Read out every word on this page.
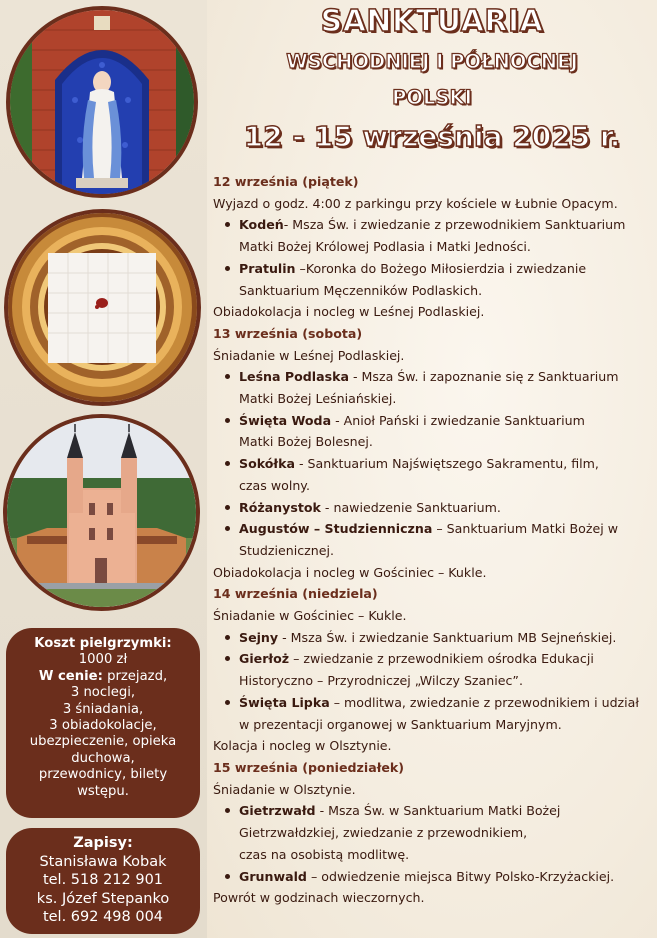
Koszt pielgrzymki:
1000 zł
W cenie: przejazd,
3 noclegi,
3 śniadania,
3 obiadokolacje,
ubezpieczenie, opieka
duchowa,
przewodnicy, bilety
wstępu.
Zapisy:
Stanisława Kobak
tel. 518 212 901
ks. Józef Stepanko
tel. 692 498 004
SANKTUARIA
WSCHODNIEJ I PÓŁNOCNEJ
POLSKI
12 - 15 września 2025 r.
12 września (piątek)
Wyjazd o godz. 4:00 z parkingu przy kościele w Łubnie Opacym.
Kodeń- Msza Św. i zwiedzanie z przewodnikiem Sanktuarium
Matki Bożej Królowej Podlasia i Matki Jedności.
Pratulin –Koronka do Bożego Miłosierdzia i zwiedzanie
Sanktuarium Męczenników Podlaskich.
Obiadokolacja i nocleg w Leśnej Podlaskiej.
13 września (sobota)
Śniadanie w Leśnej Podlaskiej.
Leśna Podlaska - Msza Św. i zapoznanie się z Sanktuarium
Matki Bożej Leśniańskiej.
Święta Woda - Anioł Pański i zwiedzanie Sanktuarium
Matki Bożej Bolesnej.
Sokółka - Sanktuarium Najświętszego Sakramentu, film,
czas wolny.
Różanystok - nawiedzenie Sanktuarium.
Augustów – Studzienniczna – Sanktuarium Matki Bożej w
Studzienicznej.
Obiadokolacja i nocleg w Gościniec – Kukle.
14 września (niedziela)
Śniadanie w Gościniec – Kukle.
Sejny - Msza Św. i zwiedzanie Sanktuarium MB Sejneńskiej.
Gierłoż – zwiedzanie z przewodnikiem ośrodka Edukacji
Historyczno – Przyrodniczej „Wilczy Szaniec”.
Święta Lipka – modlitwa, zwiedzanie z przewodnikiem i udział
w prezentacji organowej w Sanktuarium Maryjnym.
Kolacja i nocleg w Olsztynie.
15 września (poniedziałek)
Śniadanie w Olsztynie.
Gietrzwałd - Msza Św. w Sanktuarium Matki Bożej
Gietrzwałdzkiej, zwiedzanie z przewodnikiem,
czas na osobistą modlitwę.
Grunwald – odwiedzenie miejsca Bitwy Polsko-Krzyżackiej.
Powrót w godzinach wieczornych.
